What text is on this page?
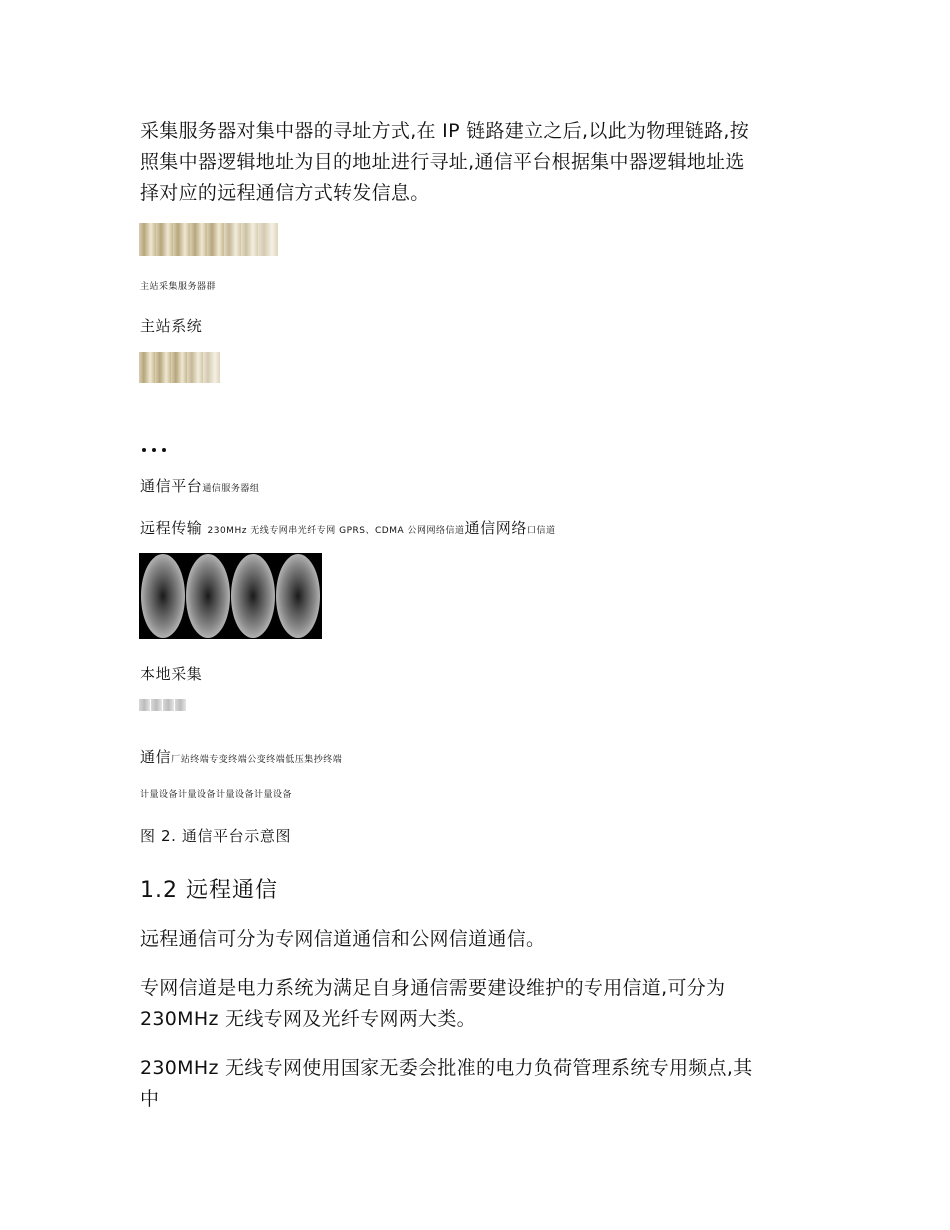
采集服务器对集中器的寻址方式,在 IP 链路建立之后,以此为物理链路,按
照集中器逻辑地址为目的地址进行寻址,通信平台根据集中器逻辑地址选
择对应的远程通信方式转发信息。
主站采集服务器群
主站系统
通信平台通信服务器组
远程传输 230MHz 无线专网串光纤专网 GPRS、CDMA 公网网络信道通信网络口信道
本地采集
通信厂站终端专变终端公变终端低压集抄终端
计量设备计量设备计量设备计量设备
图 2. 通信平台示意图
1.2 远程通信
远程通信可分为专网信道通信和公网信道通信。
专网信道是电力系统为满足自身通信需要建设维护的专用信道,可分为
230MHz 无线专网及光纤专网两大类。
230MHz 无线专网使用国家无委会批准的电力负荷管理系统专用频点,其
中
